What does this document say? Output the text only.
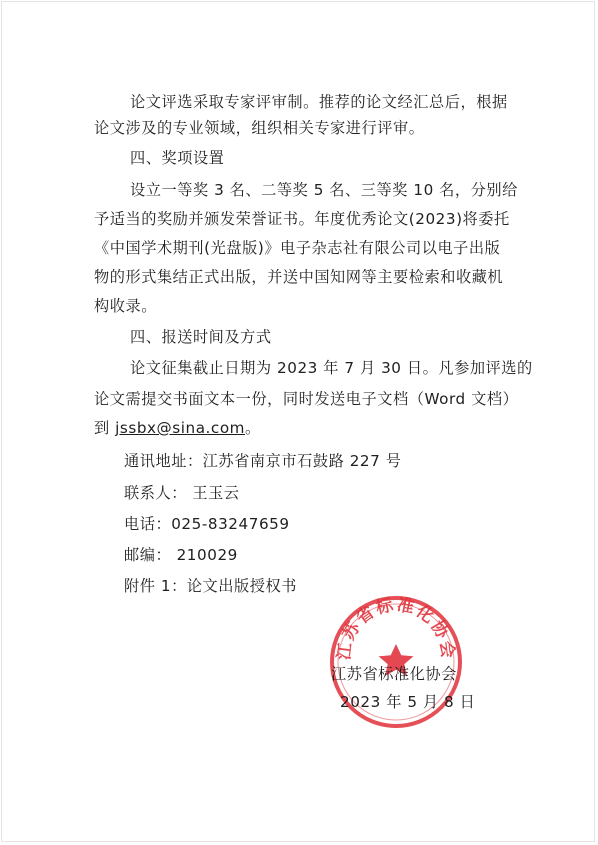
论文评选采取专家评审制。推荐的论文经汇总后，根据
论文涉及的专业领域，组织相关专家进行评审。
四、奖项设置
设立一等奖 3 名、二等奖 5 名、三等奖 10 名，分别给
予适当的奖励并颁发荣誉证书。年度优秀论文(2023)将委托
《中国学术期刊(光盘版)》电子杂志社有限公司以电子出版
物的形式集结正式出版，并送中国知网等主要检索和收藏机
构收录。
四、报送时间及方式
论文征集截止日期为 2023 年 7 月 30 日。凡参加评选的
论文需提交书面文本一份，同时发送电子文档（Word 文档）
到 jssbx@sina.com。
通讯地址：江苏省南京市石鼓路 227 号
联系人： 王玉云
电话：025-83247659
邮编： 210029
附件 1：论文出版授权书
江苏省标准化协会
江苏省标准化协会
2023 年 5 月 8 日
